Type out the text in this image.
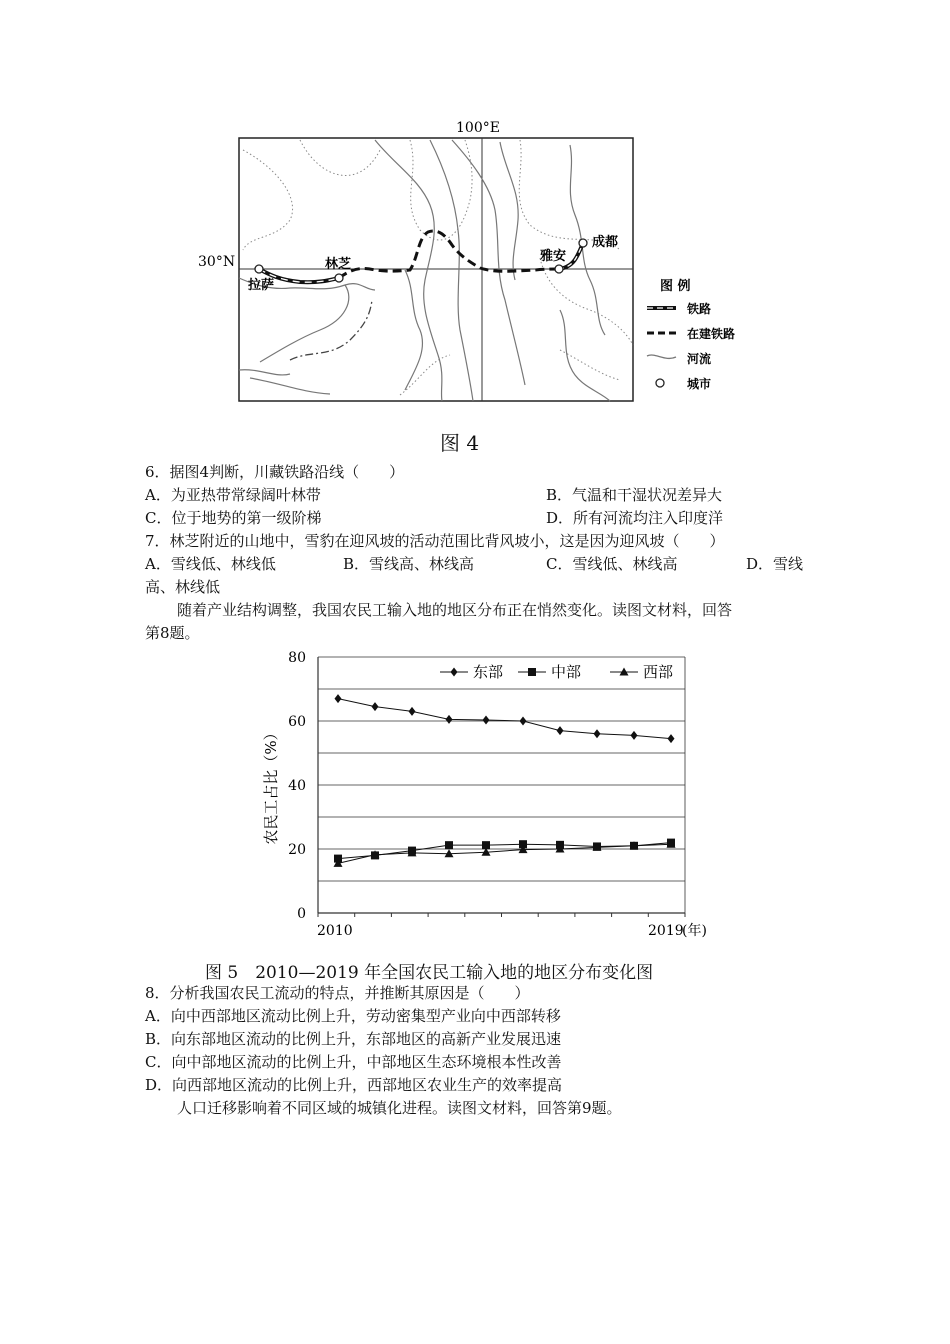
拉萨
林芝
雅安
成都
100°E
30°N
图 例
铁路
在建铁路
河流
城市
图 4
6．据图4判断，川藏铁路沿线（　　）
A．为亚热带常绿阔叶林带	B．气温和干湿状况差异大
C．位于地势的第一级阶梯	D．所有河流均注入印度洋
7．林芝附近的山地中，雪豹在迎风坡的活动范围比背风坡小，这是因为迎风坡（　　）
A．雪线低、林线低	B．雪线高、林线高	C．雪线低、林线高	D．雪线
高、林线低
随着产业结构调整，我国农民工输入地的地区分布正在悄然变化。读图文材料，回答
第8题。
0
20
40
60
80
东部	中部	西部
农民工占比（%）
2010	2019
(年)
图 5　2010—2019 年全国农民工输入地的地区分布变化图
8．分析我国农民工流动的特点，并推断其原因是（　　）
A．向中西部地区流动比例上升，劳动密集型产业向中西部转移
B．向东部地区流动的比例上升，东部地区的高新产业发展迅速
C．向中部地区流动的比例上升，中部地区生态环境根本性改善
D．向西部地区流动的比例上升，西部地区农业生产的效率提高
人口迁移影响着不同区域的城镇化进程。读图文材料，回答第9题。
